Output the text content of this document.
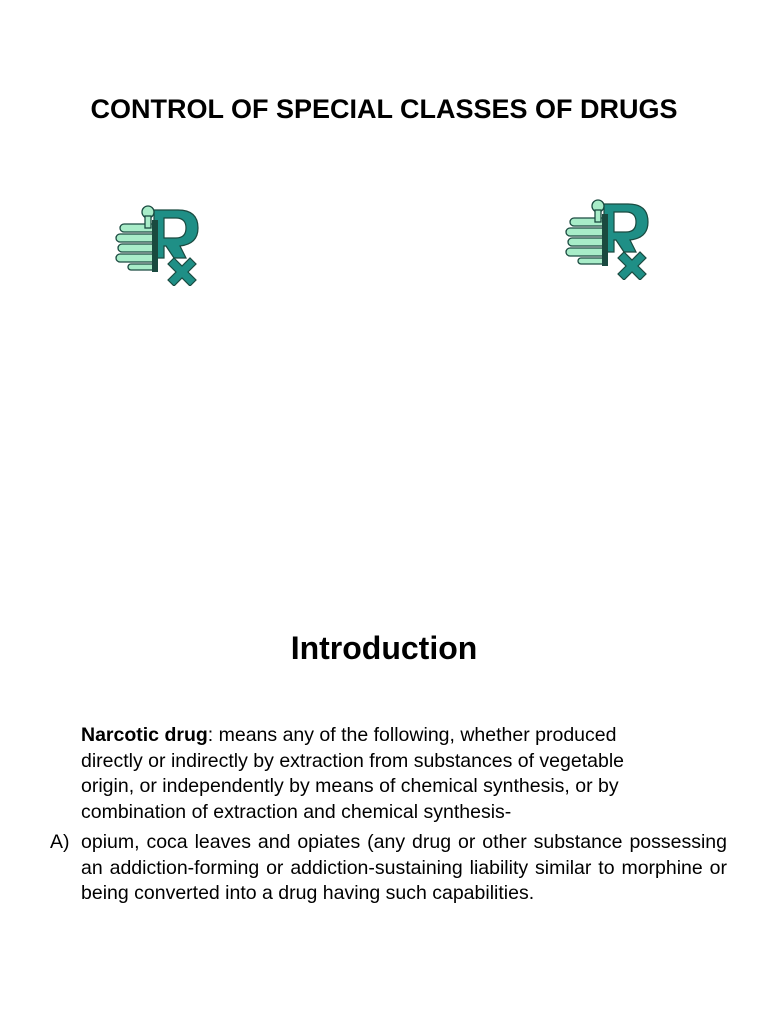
CONTROL OF SPECIAL CLASSES OF DRUGS
Introduction

Narcotic drug: means any of the following, whether produced directly or indirectly by extraction from substances of vegetable origin, or independently by means of chemical synthesis, or by combination of extraction and chemical synthesis-

A) opium, coca leaves and opiates (any drug or other substance possessing an addiction-forming or addiction-sustaining liability similar to morphine or being converted into a drug having such capabilities.
